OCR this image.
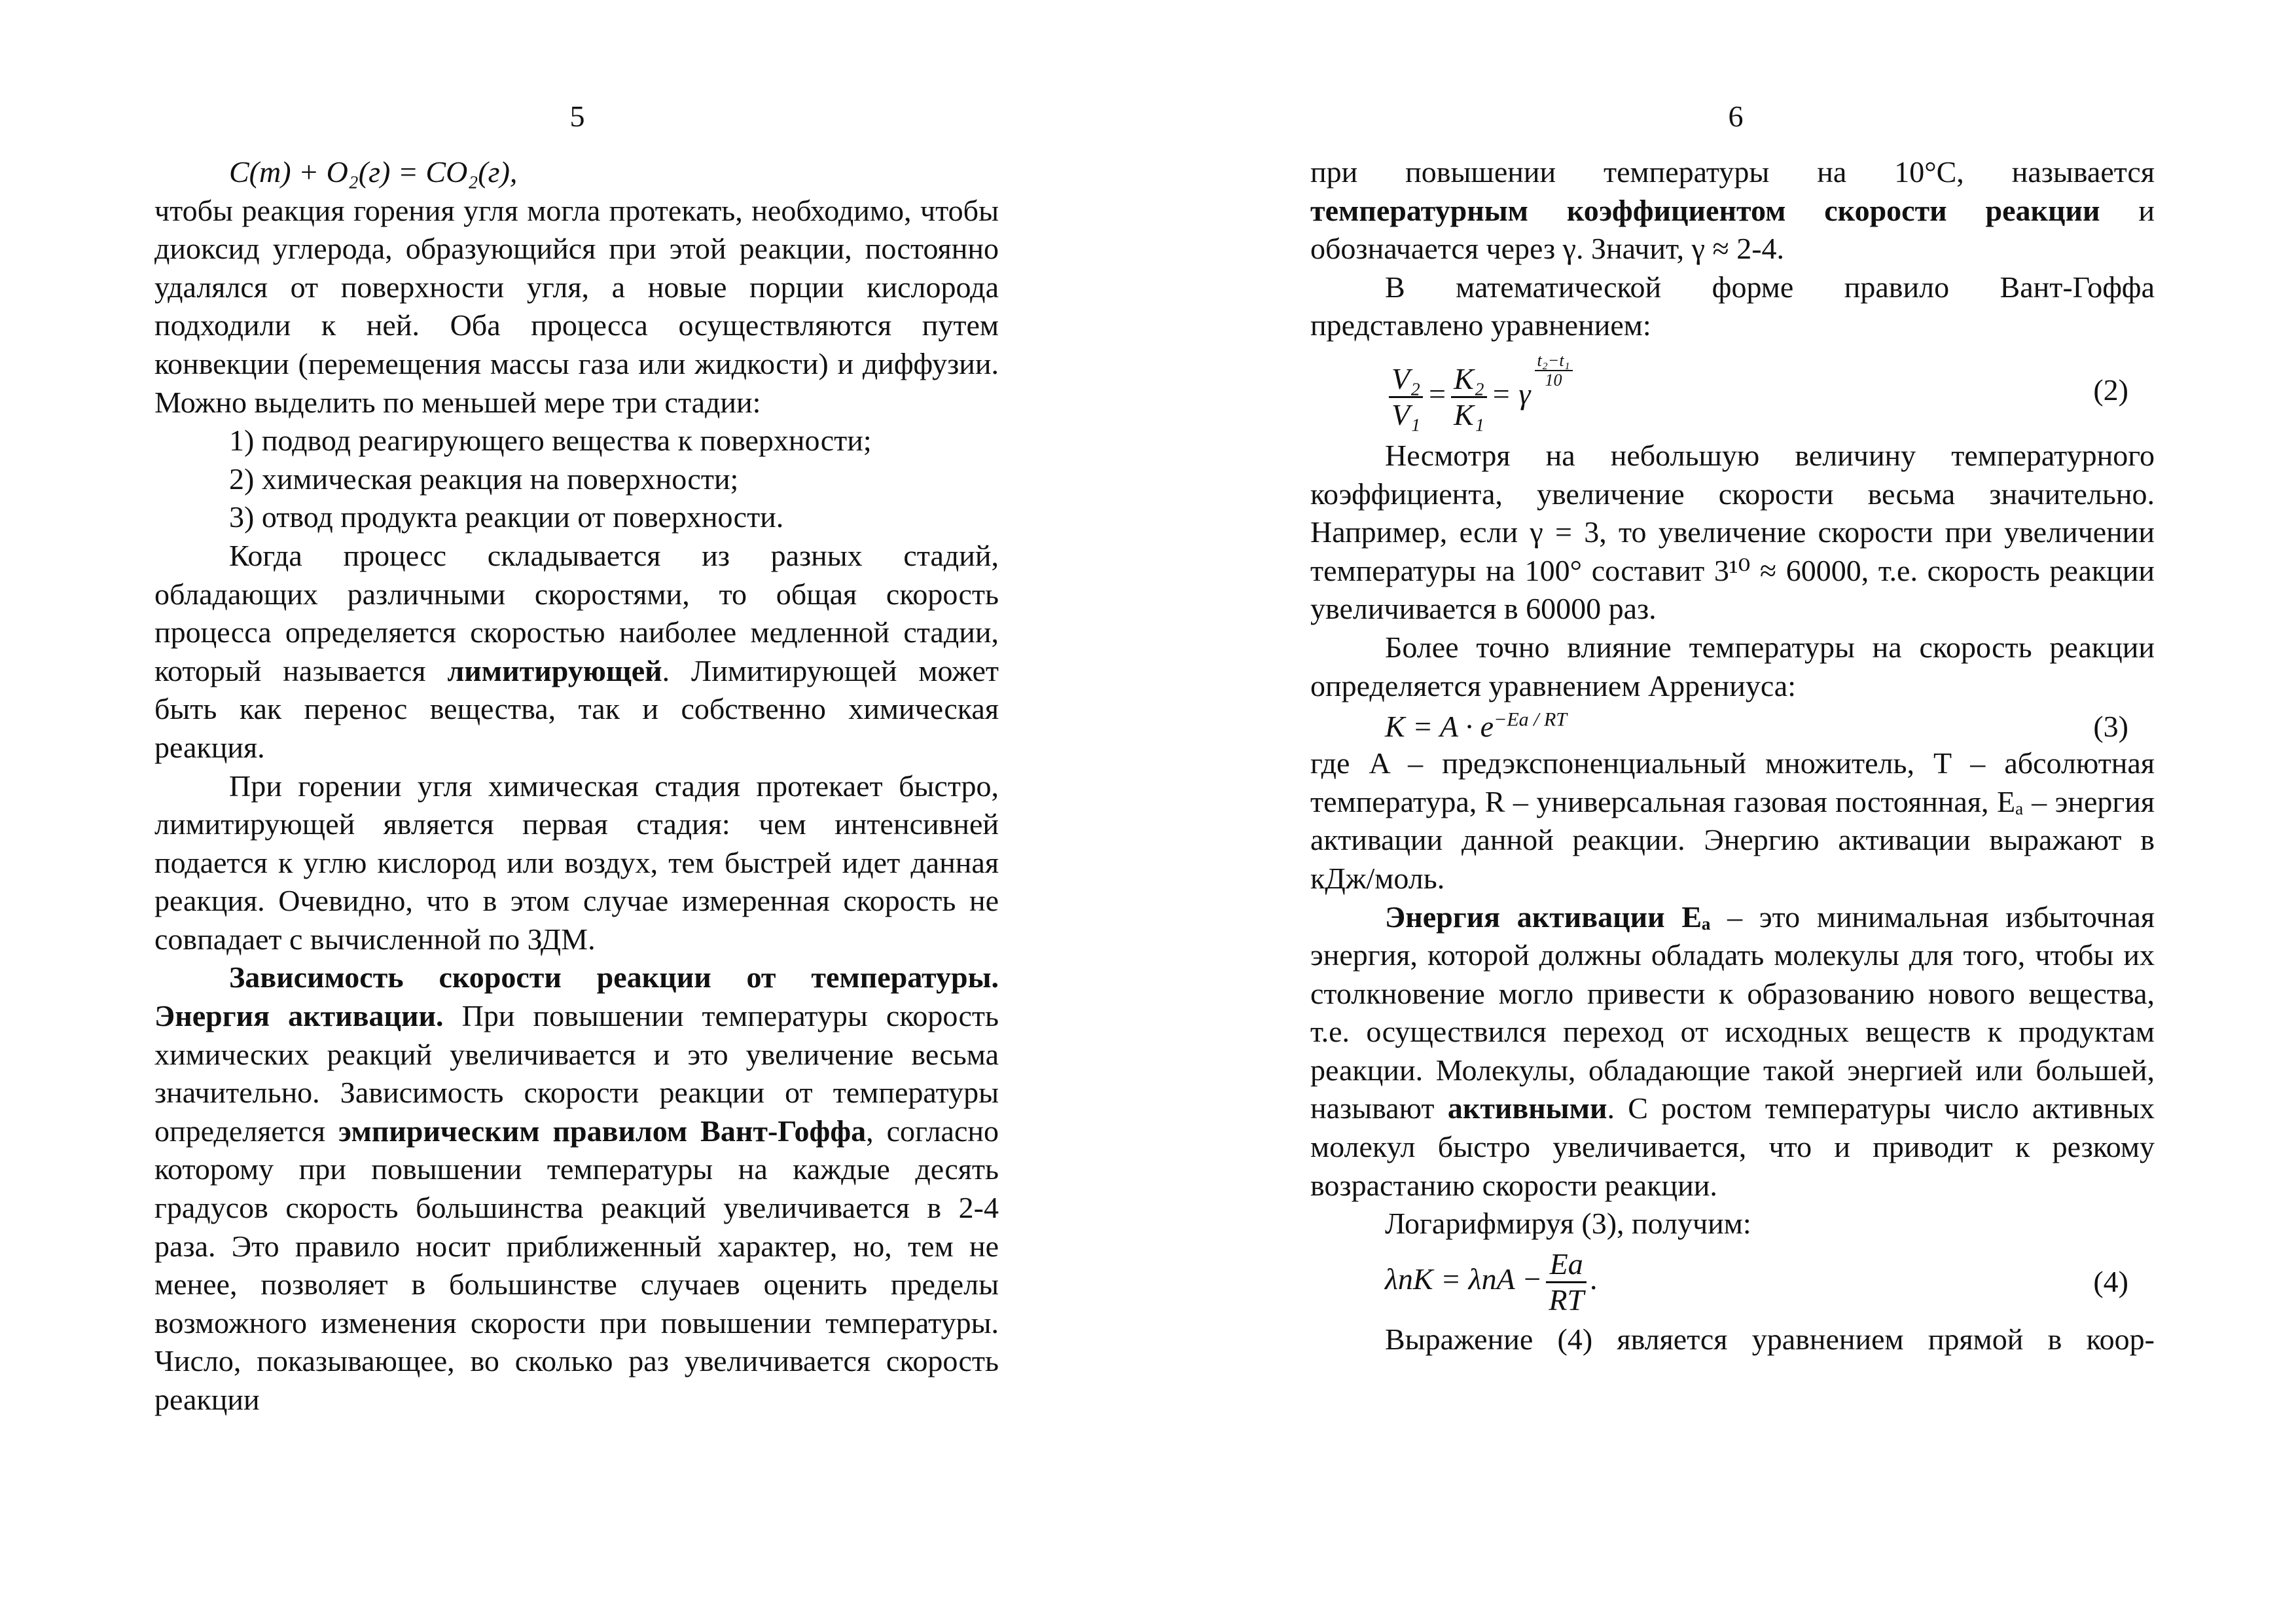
5

C(т) + O₂(г) = CO₂(г),

чтобы реакция горения угля могла протекать, необходимо, чтобы диоксид углерода, образующийся при этой реакции, постоянно удалялся от поверхности угля, а новые порции кислорода подходили к ней. Оба процесса осуществляются путем конвекции (перемещения массы газа или жидкости) и диффузии. Можно выделить по меньшей мере три стадии:

1) подвод реагирующего вещества к поверхности;

2) химическая реакция на поверхности;

3) отвод продукта реакции от поверхности.

Когда процесс складывается из разных стадий, обладающих различными скоростями, то общая скорость процесса определяется скоростью наиболее медленной стадии, который называется лимитирующей. Лимитирующей может быть как перенос вещества, так и собственно химическая реакция.

При горении угля химическая стадия протекает быстро, лимитирующей является первая стадия: чем интенсивней подается к углю кислород или воздух, тем быстрей идет данная реакция. Очевидно, что в этом случае измеренная скорость не совпадает с вычисленной по ЗДМ.

Зависимость скорости реакции от температуры. Энергия активации. При повышении температуры скорость химических реакций увеличивается и это увеличение весьма значительно. Зависимость скорости реакции от температуры определяется эмпирическим правилом Вант-Гоффа, согласно которому при повышении температуры на каждые десять градусов скорость большинства реакций увеличивается в 2-4 раза. Это правило носит приближенный характер, но, тем не менее, позволяет в большинстве случаев оценить пределы возможного изменения скорости при повышении температуры. Число, показывающее, во сколько раз увеличивается скорость реакции

6

при повышении температуры на 10°С, называется температурным коэффициентом скорости реакции и обозначается через γ. Значит, γ ≈ 2-4.

В математической форме правило Вант-Гоффа представлено уравнением:

$\frac{\text{V₂}}{\text{V₁}} = \frac{\text{K₂}}{\text{K₁}} = \gamma$
$\frac{\text{t₂−t₁}}{10}$
(2)

Несмотря на небольшую величину температурного коэффициента, увеличение скорости весьма значительно. Например, если γ = 3, то увеличение скорости при увеличении температуры на 100° составит 3¹⁰ ≈ 60000, т.е. скорость реакции увеличивается в 60000 раз.

Более точно влияние температуры на скорость реакции определяется уравнением Аррениуса:

$K = A \cdot e^{-Ea / RT}$	(3)

где A – предэкспоненциальный множитель, T – абсолютная температура, R – универсальная газовая постоянная, Eₐ – энергия активации данной реакции. Энергию активации выражают в кДж/моль.

Энергия активации Eₐ – это минимальная избыточная энергия, которой должны обладать молекулы для того, чтобы их столкновение могло привести к образованию нового вещества, т.е. осуществился переход от исходных веществ к продуктам реакции. Молекулы, обладающие такой энергией или большей, называют активными. С ростом температуры число активных молекул быстро увеличивается, что и приводит к резкому возрастанию скорости реакции.

Логарифмируя (3), получим:

$\lambda nK = \lambda nA - \frac{Ea}{RT}$ .	(4)

Выражение (4) является уравнением прямой в коор-
